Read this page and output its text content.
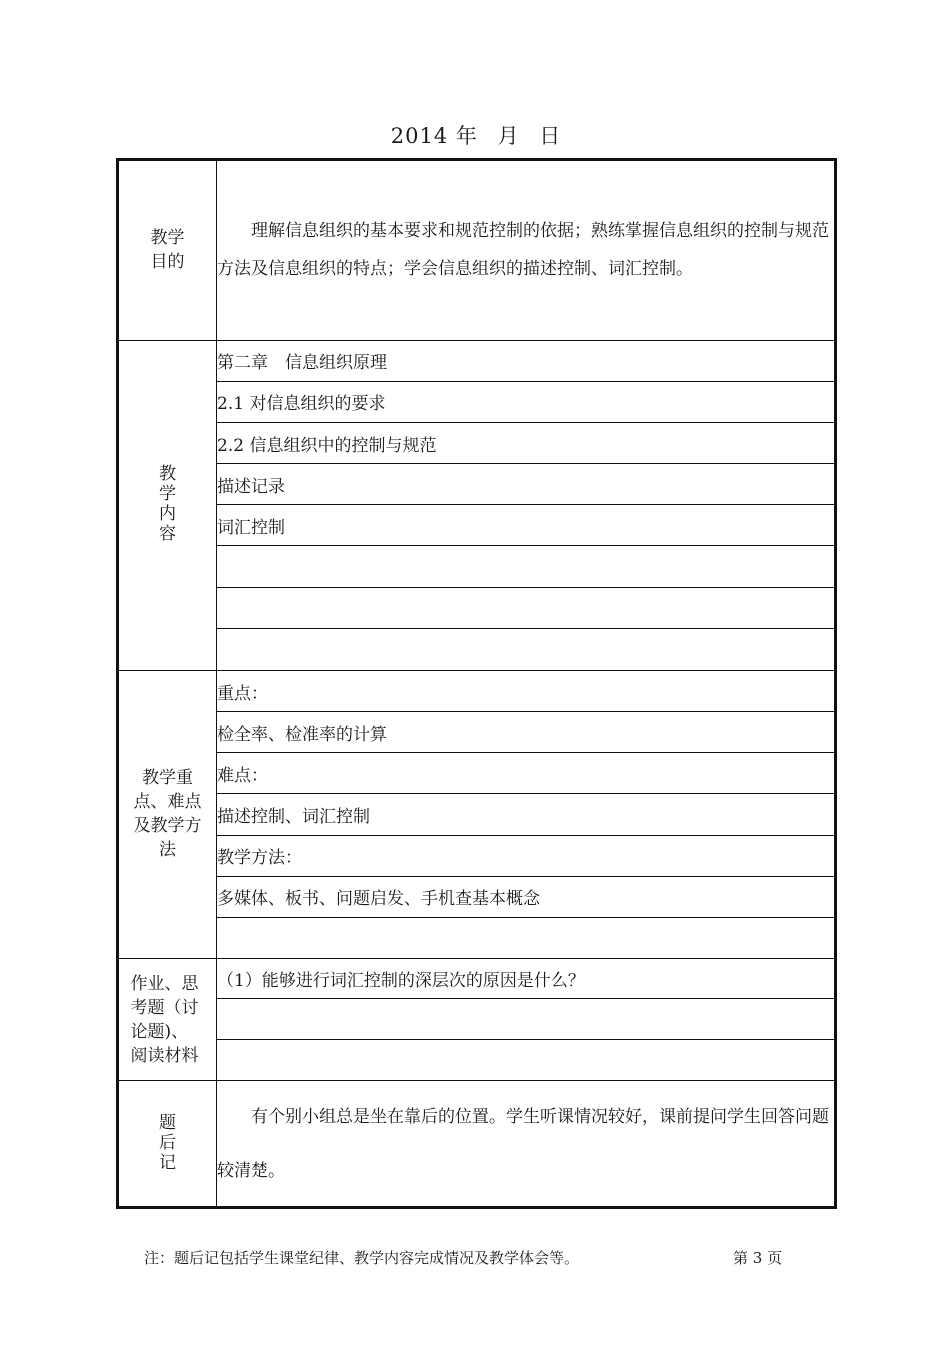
2014 年 月 日
教学
目的	理解信息组织的基本要求和规范控制的依据；熟练掌握信息组织的控制与规范方法及信息组织的特点；学会信息组织的描述控制、词汇控制。

教学内容	第二章　信息组织原理
	2.1 对信息组织的要求
	2.2 信息组织中的控制与规范
	描述记录
	词汇控制

教学重点、难点及教学方法	重点：
	检全率、检准率的计算
	难点：
	描述控制、词汇控制
	教学方法：
	多媒体、板书、问题启发、手机查基本概念

作业、思考题（讨论题)、阅读材料	（1）能够进行词汇控制的深层次的原因是什么？

题后记	有个别小组总是坐在靠后的位置。学生听课情况较好，课前提问学生回答问题较清楚。
注：题后记包括学生课堂纪律、教学内容完成情况及教学体会等。	第 3 页
